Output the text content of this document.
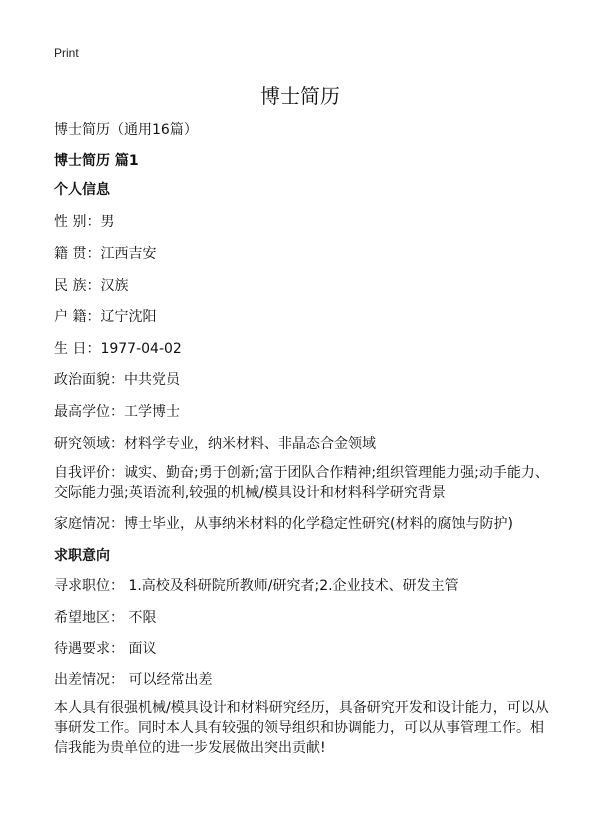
Print
博士简历
博士简历（通用16篇）
博士简历 篇1
个人信息
性 别：男
籍 贯：江西吉安
民 族：汉族
户 籍：辽宁沈阳
生 日：1977-04-02
政治面貌：中共党员
最高学位：工学博士
研究领域：材料学专业，纳米材料、非晶态合金领域
自我评价：诚实、勤奋;勇于创新;富于团队合作精神;组织管理能力强;动手能力、交际能力强;英语流利,较强的机械/模具设计和材料科学研究背景
家庭情况：博士毕业，从事纳米材料的化学稳定性研究(材料的腐蚀与防护)
求职意向
寻求职位： 1.高校及科研院所教师/研究者;2.企业技术、研发主管
希望地区： 不限
待遇要求： 面议
出差情况： 可以经常出差
本人具有很强机械/模具设计和材料研究经历，具备研究开发和设计能力，可以从事研发工作。同时本人具有较强的领导组织和协调能力，可以从事管理工作。相信我能为贵单位的进一步发展做出突出贡献!
